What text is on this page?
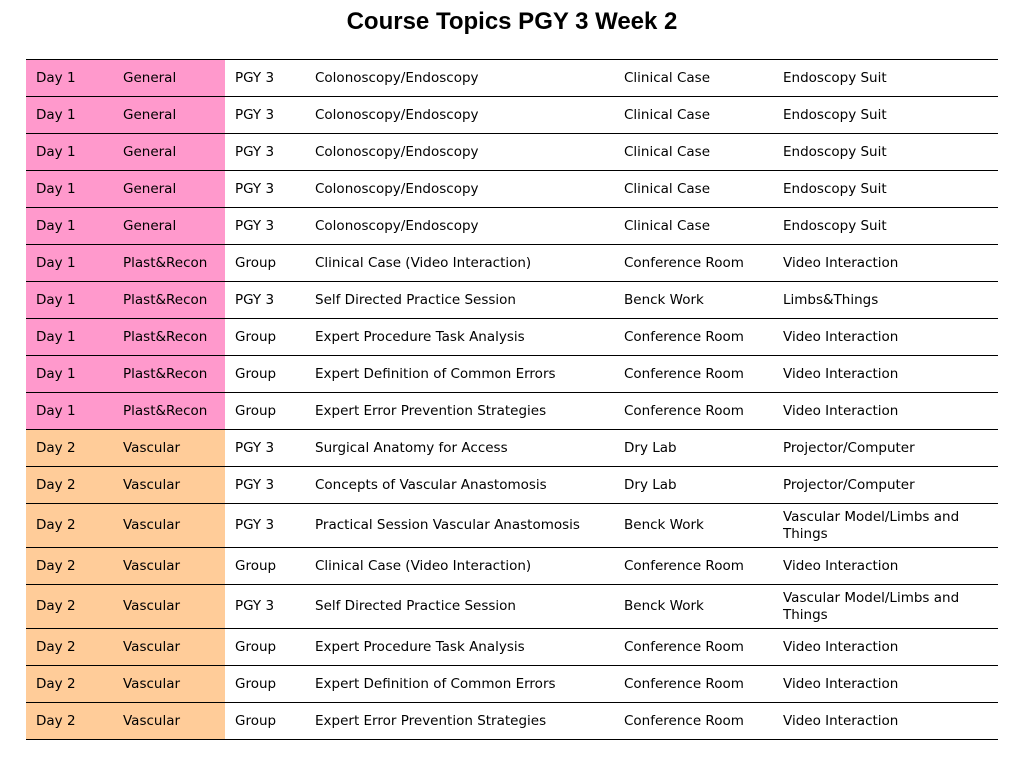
Course Topics PGY 3 Week 2
Day 1	General	PGY 3	Colonoscopy/Endoscopy	Clinical Case	Endoscopy Suit
Day 1	General	PGY 3	Colonoscopy/Endoscopy	Clinical Case	Endoscopy Suit
Day 1	General	PGY 3	Colonoscopy/Endoscopy	Clinical Case	Endoscopy Suit
Day 1	General	PGY 3	Colonoscopy/Endoscopy	Clinical Case	Endoscopy Suit
Day 1	General	PGY 3	Colonoscopy/Endoscopy	Clinical Case	Endoscopy Suit
Day 1	Plast&Recon	Group	Clinical Case (Video Interaction)	Conference Room	Video Interaction
Day 1	Plast&Recon	PGY 3	Self Directed Practice Session	Benck Work	Limbs&Things
Day 1	Plast&Recon	Group	Expert Procedure Task Analysis	Conference Room	Video Interaction
Day 1	Plast&Recon	Group	Expert Definition of Common Errors	Conference Room	Video Interaction
Day 1	Plast&Recon	Group	Expert Error Prevention Strategies	Conference Room	Video Interaction
Day 2	Vascular	PGY 3	Surgical Anatomy for Access	Dry Lab	Projector/Computer
Day 2	Vascular	PGY 3	Concepts of Vascular Anastomosis	Dry Lab	Projector/Computer
Day 2	Vascular	PGY 3	Practical Session Vascular Anastomosis	Benck Work	Vascular Model/Limbs and Things
Day 2	Vascular	Group	Clinical Case (Video Interaction)	Conference Room	Video Interaction
Day 2	Vascular	PGY 3	Self Directed Practice Session	Benck Work	Vascular Model/Limbs and Things
Day 2	Vascular	Group	Expert Procedure Task Analysis	Conference Room	Video Interaction
Day 2	Vascular	Group	Expert Definition of Common Errors	Conference Room	Video Interaction
Day 2	Vascular	Group	Expert Error Prevention Strategies	Conference Room	Video Interaction
